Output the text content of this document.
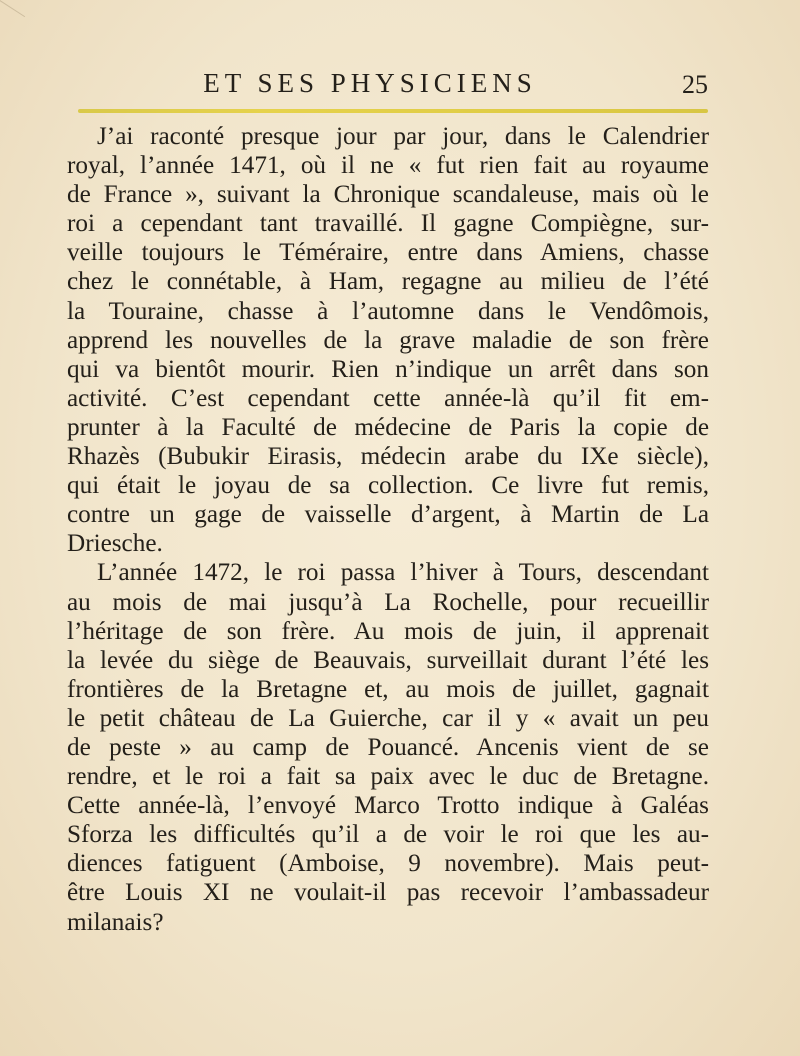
ET SES PHYSICIENS	25
J’ai raconté presque jour par jour, dans le Calendrier
royal, l’année 1471, où il ne « fut rien fait au royaume
de France », suivant la Chronique scandaleuse, mais où le
roi a cependant tant travaillé. Il gagne Compiègne, sur-
veille toujours le Téméraire, entre dans Amiens, chasse
chez le connétable, à Ham, regagne au milieu de l’été
la Touraine, chasse à l’automne dans le Vendômois,
apprend les nouvelles de la grave maladie de son frère
qui va bientôt mourir. Rien n’indique un arrêt dans son
activité. C’est cependant cette année-là qu’il fit em-
prunter à la Faculté de médecine de Paris la copie de
Rhazès (Bubukir Eirasis, médecin arabe du IXe siècle),
qui était le joyau de sa collection. Ce livre fut remis,
contre un gage de vaisselle d’argent, à Martin de La
Driesche.
L’année 1472, le roi passa l’hiver à Tours, descendant
au mois de mai jusqu’à La Rochelle, pour recueillir
l’héritage de son frère. Au mois de juin, il apprenait
la levée du siège de Beauvais, surveillait durant l’été les
frontières de la Bretagne et, au mois de juillet, gagnait
le petit château de La Guierche, car il y « avait un peu
de peste » au camp de Pouancé. Ancenis vient de se
rendre, et le roi a fait sa paix avec le duc de Bretagne.
Cette année-là, l’envoyé Marco Trotto indique à Galéas
Sforza les difficultés qu’il a de voir le roi que les au-
diences fatiguent (Amboise, 9 novembre). Mais peut-
être Louis XI ne voulait-il pas recevoir l’ambassadeur
milanais?
